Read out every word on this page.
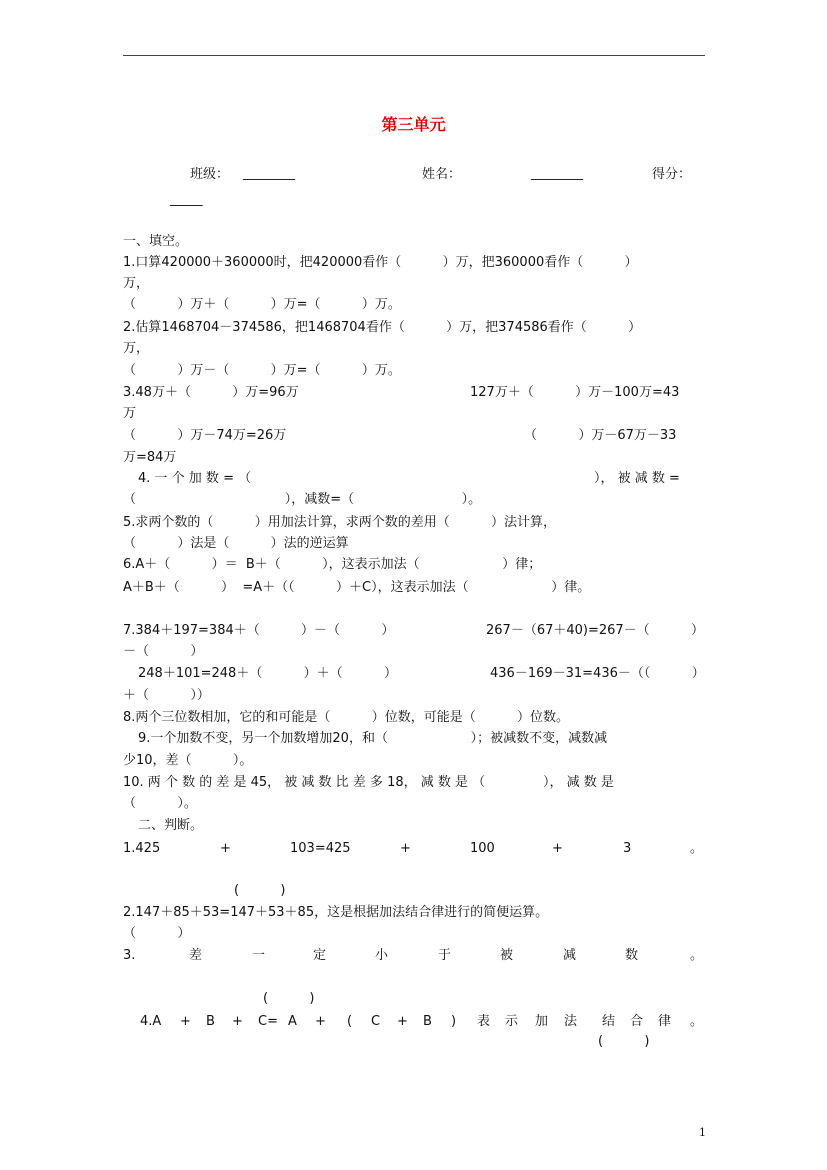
第三单元
班级： ________	姓名：	________	得分：
_____
一、填空。
1.口算420000＋360000时，把420000看作（          ）万，把360000看作（          ）
万，
（          ）万＋（          ）万=（          ）万。
2.估算1468704－374586，把1468704看作（          ）万，把374586看作（          ）
万，
（          ）万－（          ）万=（          ）万。
3.48万＋（          ）万=96万	127万＋（          ）万－100万=43
万
（          ）万－74万=26万	（          ）万－67万－33
万=84万
4. 一 个 加 数 = （	）， 被 减 数 =
（                                    ），减数=（                          ）。
5.求两个数的（          ）用加法计算，求两个数的差用（          ）法计算，
（          ）法是（          ）法的逆运算
6.A＋（          ）＝  B＋（          ），这表示加法（                    ）律；
A＋B＋（          ）  =A＋（（          ）＋C），这表示加法（                    ）律。
7.384＋197=384＋（          ）－（          ）	267－（67＋40)=267－（          ）
－（          ）
248＋101=248＋（          ）＋（          ）	436－169－31=436－（（          ）
＋（          ））
8.两个三位数相加，它的和可能是（          ）位数，可能是（          ）位数。
9.一个加数不变，另一个加数增加20，和（                    ）；被减数不变，减数减
少10，差（          ）。
10. 两 个 数 的 差 是 45， 被 减 数 比 差 多 18， 减 数 是 （              ）， 减 数 是
（          ）。
二、判断。
1.425	+	103=425	+	100	+	3	。
(          )
2.147＋85＋53=147＋53＋85，这是根据加法结合律进行的简便运算。
（          ）
3.	差	一	定	小	于	被	减	数	。
(          )
4.A + B + C= A + ( C + B ) 表 示 加 法 结 合 律 。
(          )
1
